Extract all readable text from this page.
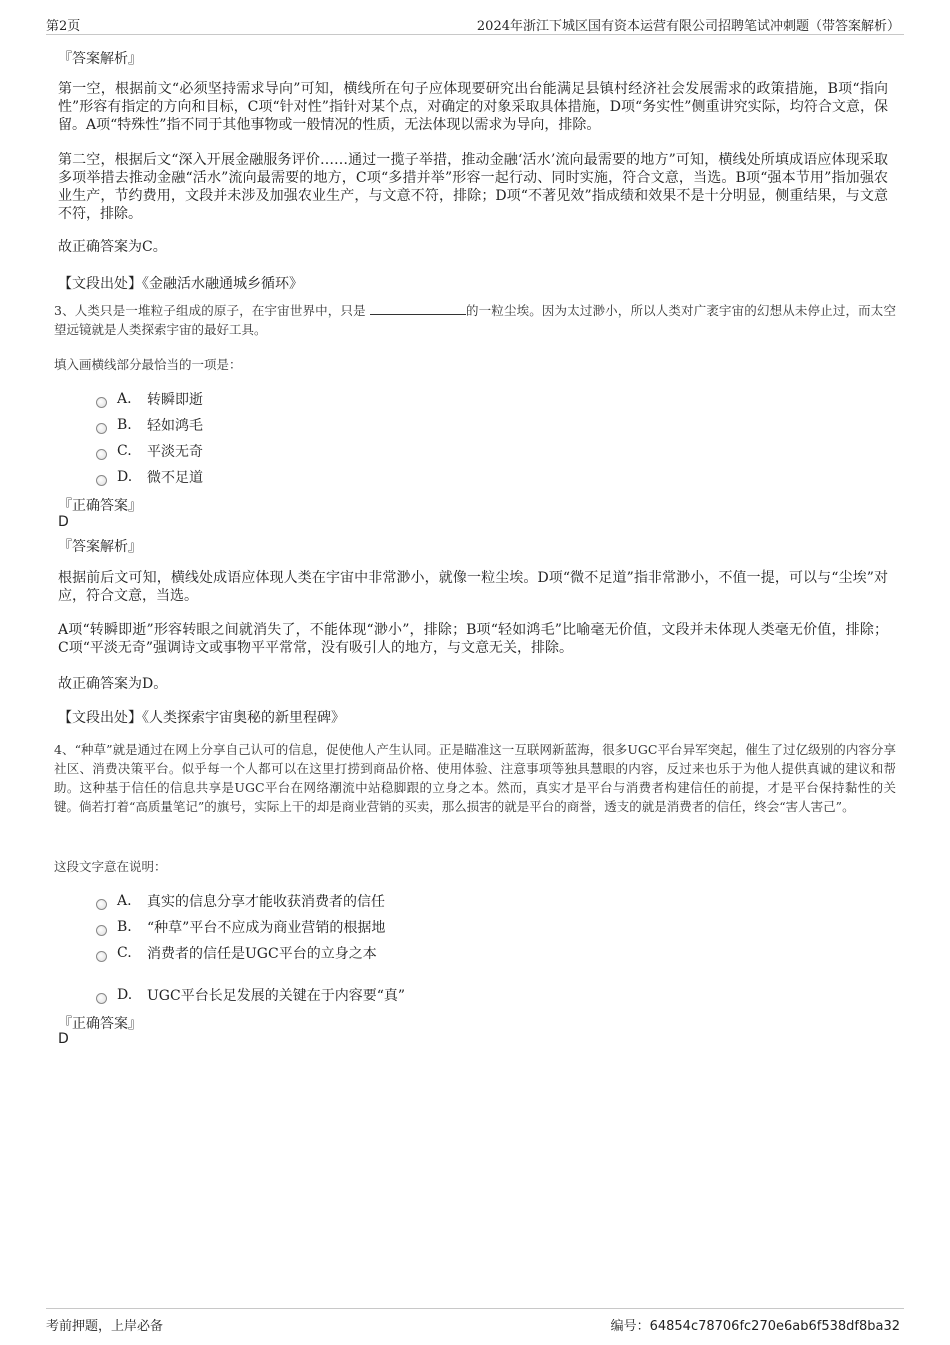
第2页	2024年浙江下城区国有资本运营有限公司招聘笔试冲刺题（带答案解析）
『答案解析』
第一空，根据前文“必须坚持需求导向”可知，横线所在句子应体现要研究出台能满足县镇村经济社会发展需求的政策措施，B项“指向性”形容有指定的方向和目标，C项“针对性”指针对某个点，对确定的对象采取具体措施，D项“务实性”侧重讲究实际，均符合文意，保留。A项“特殊性”指不同于其他事物或一般情况的性质，无法体现以需求为导向，排除。
第二空，根据后文“深入开展金融服务评价……通过一揽子举措，推动金融‘活水’流向最需要的地方”可知，横线处所填成语应体现采取多项举措去推动金融“活水”流向最需要的地方，C项“多措并举”形容一起行动、同时实施，符合文意，当选。B项“强本节用”指加强农业生产，节约费用，文段并未涉及加强农业生产，与文意不符，排除；D项“不著见效”指成绩和效果不是十分明显，侧重结果，与文意不符，排除。
故正确答案为C。
【文段出处】《金融活水融通城乡循环》
3、人类只是一堆粒子组成的原子，在宇宙世界中，只是	的一粒尘埃。因为太过渺小，所以人类对广袤宇宙的幻想从未停止过，而太空望远镜就是人类探索宇宙的最好工具。
填入画横线部分最恰当的一项是：
A.	转瞬即逝
B.	轻如鸿毛
C.	平淡无奇
D.	微不足道
『正确答案』
D
『答案解析』
根据前后文可知，横线处成语应体现人类在宇宙中非常渺小，就像一粒尘埃。D项“微不足道”指非常渺小，不值一提，可以与“尘埃”对应，符合文意，当选。
A项“转瞬即逝”形容转眼之间就消失了，不能体现“渺小”，排除；B项“轻如鸿毛”比喻毫无价值，文段并未体现人类毫无价值，排除；C项“平淡无奇”强调诗文或事物平平常常，没有吸引人的地方，与文意无关，排除。
故正确答案为D。
【文段出处】《人类探索宇宙奥秘的新里程碑》
4、“种草”就是通过在网上分享自己认可的信息，促使他人产生认同。正是瞄准这一互联网新蓝海，很多UGC平台异军突起，催生了过亿级别的内容分享社区、消费决策平台。似乎每一个人都可以在这里打捞到商品价格、使用体验、注意事项等独具慧眼的内容，反过来也乐于为他人提供真诚的建议和帮助。这种基于信任的信息共享是UGC平台在网络潮流中站稳脚跟的立身之本。然而，真实才是平台与消费者构建信任的前提，才是平台保持黏性的关键。倘若打着“高质量笔记”的旗号，实际上干的却是商业营销的买卖，那么损害的就是平台的商誉，透支的就是消费者的信任，终会“害人害己”。
这段文字意在说明：
A.	真实的信息分享才能收获消费者的信任
B.	“种草”平台不应成为商业营销的根据地
C.	消费者的信任是UGC平台的立身之本
D.	UGC平台长足发展的关键在于内容要“真”
『正确答案』
D
考前押题，上岸必备	编号：64854c78706fc270e6ab6f538df8ba32
